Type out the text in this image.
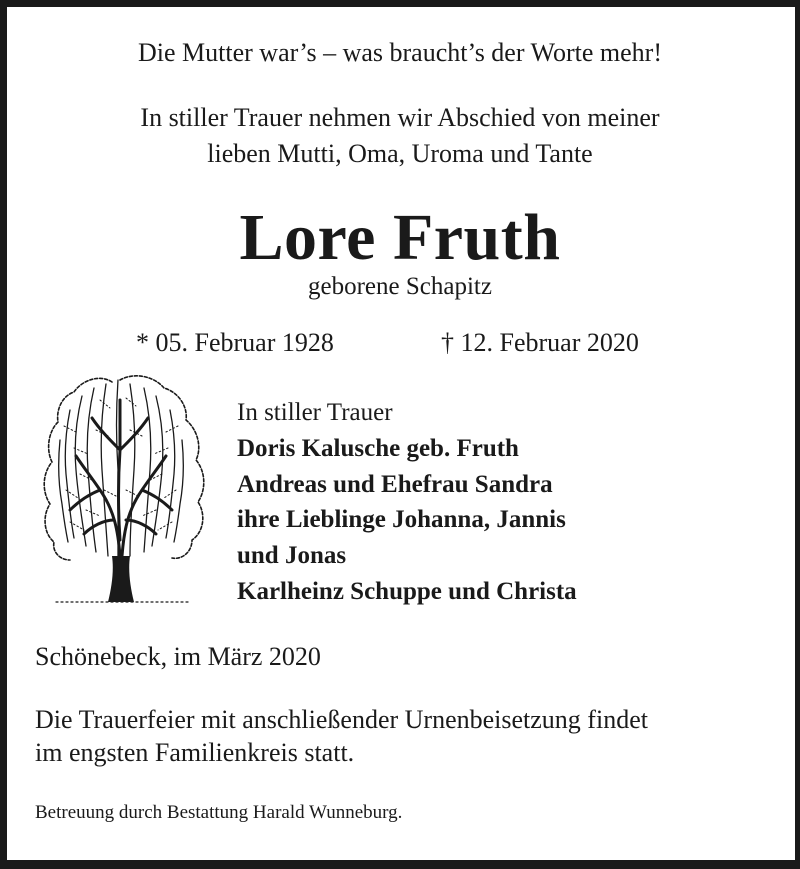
Die Mutter war’s – was braucht’s der Worte mehr!
In stiller Trauer nehmen wir Abschied von meiner
lieben Mutti, Oma, Uroma und Tante
Lore Fruth
geborene Schapitz
* 05. Februar 1928	† 12. Februar 2020
In stiller Trauer
Doris Kalusche geb. Fruth
Andreas und Ehefrau Sandra
ihre Lieblinge Johanna, Jannis
und Jonas
Karlheinz Schuppe und Christa
Schönebeck, im März 2020
Die Trauerfeier mit anschließender Urnenbeisetzung findet
im engsten Familienkreis statt.
Betreuung durch Bestattung Harald Wunneburg.
